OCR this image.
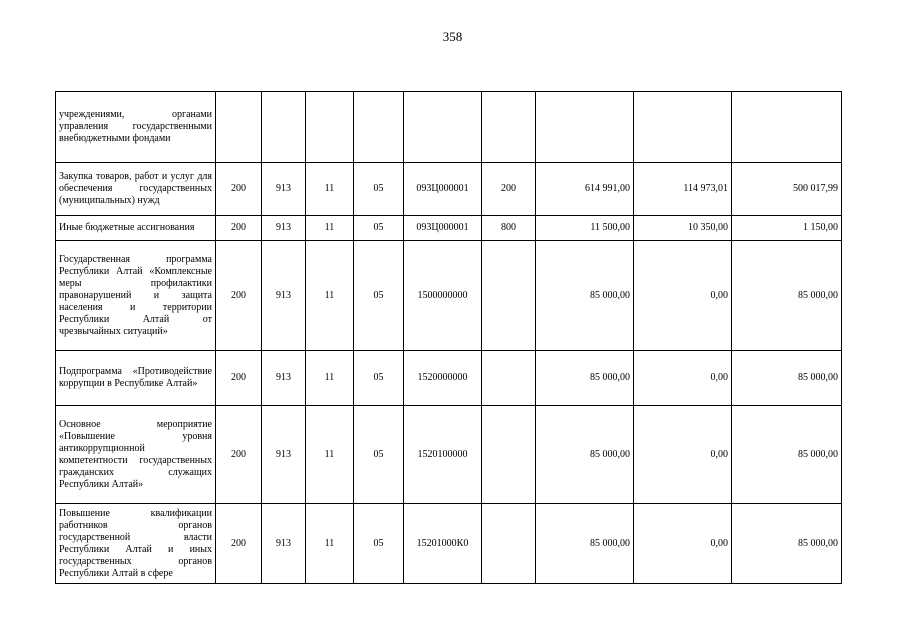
358
учреждениями, органами управления государственными внебюджетными фондами									
Закупка товаров, работ и услуг для обеспечения государственных (муниципальных) нужд	200	913	11	05	093Ц000001	200	614 991,00	114 973,01	500 017,99
Иные бюджетные ассигнования	200	913	11	05	093Ц000001	800	11 500,00	10 350,00	1 150,00
Государственная программа Республики Алтай «Комплексные меры профилактики правонарушений и защита населения и территории Республики Алтай от чрезвычайных ситуаций»	200	913	11	05	1500000000		85 000,00	0,00	85 000,00
Подпрограмма «Противодействие коррупции в Республике Алтай»	200	913	11	05	1520000000		85 000,00	0,00	85 000,00
Основное мероприятие «Повышение уровня антикоррупционной компетентности государственных гражданских служащих Республики Алтай»	200	913	11	05	1520100000		85 000,00	0,00	85 000,00
Повышение квалификации работников органов государственной власти Республики Алтай и иных государственных органов Республики Алтай в сфере	200	913	11	05	15201000К0		85 000,00	0,00	85 000,00
